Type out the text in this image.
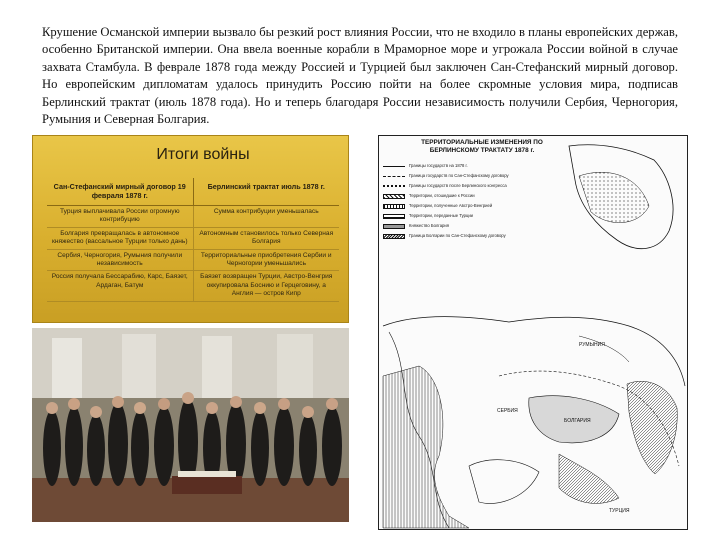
Крушение Османской империи вызвало бы резкий рост влияния России, что не входило в планы европейских держав, особенно Британской империи. Она ввела военные корабли в Мраморное море и угрожала России войной в случае захвата Стамбула. В феврале 1878 года между Россией и Турцией был заключен Сан-Стефанский мирный договор. Но европейским дипломатам удалось принудить Россию пойти на более скромные условия мира, подписав Берлинский трактат (июль 1878 года). Но и теперь благодаря России независимость получили Сербия, Черногория, Румыния и Северная Болгария.

Итоги войны
Сан-Стефанский мирный договор 19 февраля 1878 г.
Берлинский трактат июль 1878 г.
Турция выплачивала России огромную контрибуцию
Сумма контрибуции уменьшалась
Болгария превращалась в автономное княжество (вассальное Турции только дань)
Автономным становилось только Северная Болгария
Сербия, Черногория, Румыния получили независимость
Территориальные приобретения Сербии и Черногории уменьшались
Россия получала Бессарабию, Карс, Баязет, Ардаган, Батум
Баязет возвращен Турции, Австро-Венгрия оккупировала Боснию и Герцеговину, а Англия — остров Кипр
ТЕРРИТОРИАЛЬНЫЕ ИЗМЕНЕНИЯ ПО БЕРЛИНСКОМУ ТРАКТАТУ 1878 г.
Границы государств на 1878 г.
Граница государств по Сан-Стефанскому договору
Границы государств после Берлинского конгресса
Территории, отошедшие к России
Территории, полученные Австро-Венгрией
Территории, переданные Турции
Княжество Болгария
Граница Болгарии по Сан-Стефанскому договору
БОЛГАРИЯ
РУМЫНИЯ
СЕРБИЯ
ТУРЦИЯ
